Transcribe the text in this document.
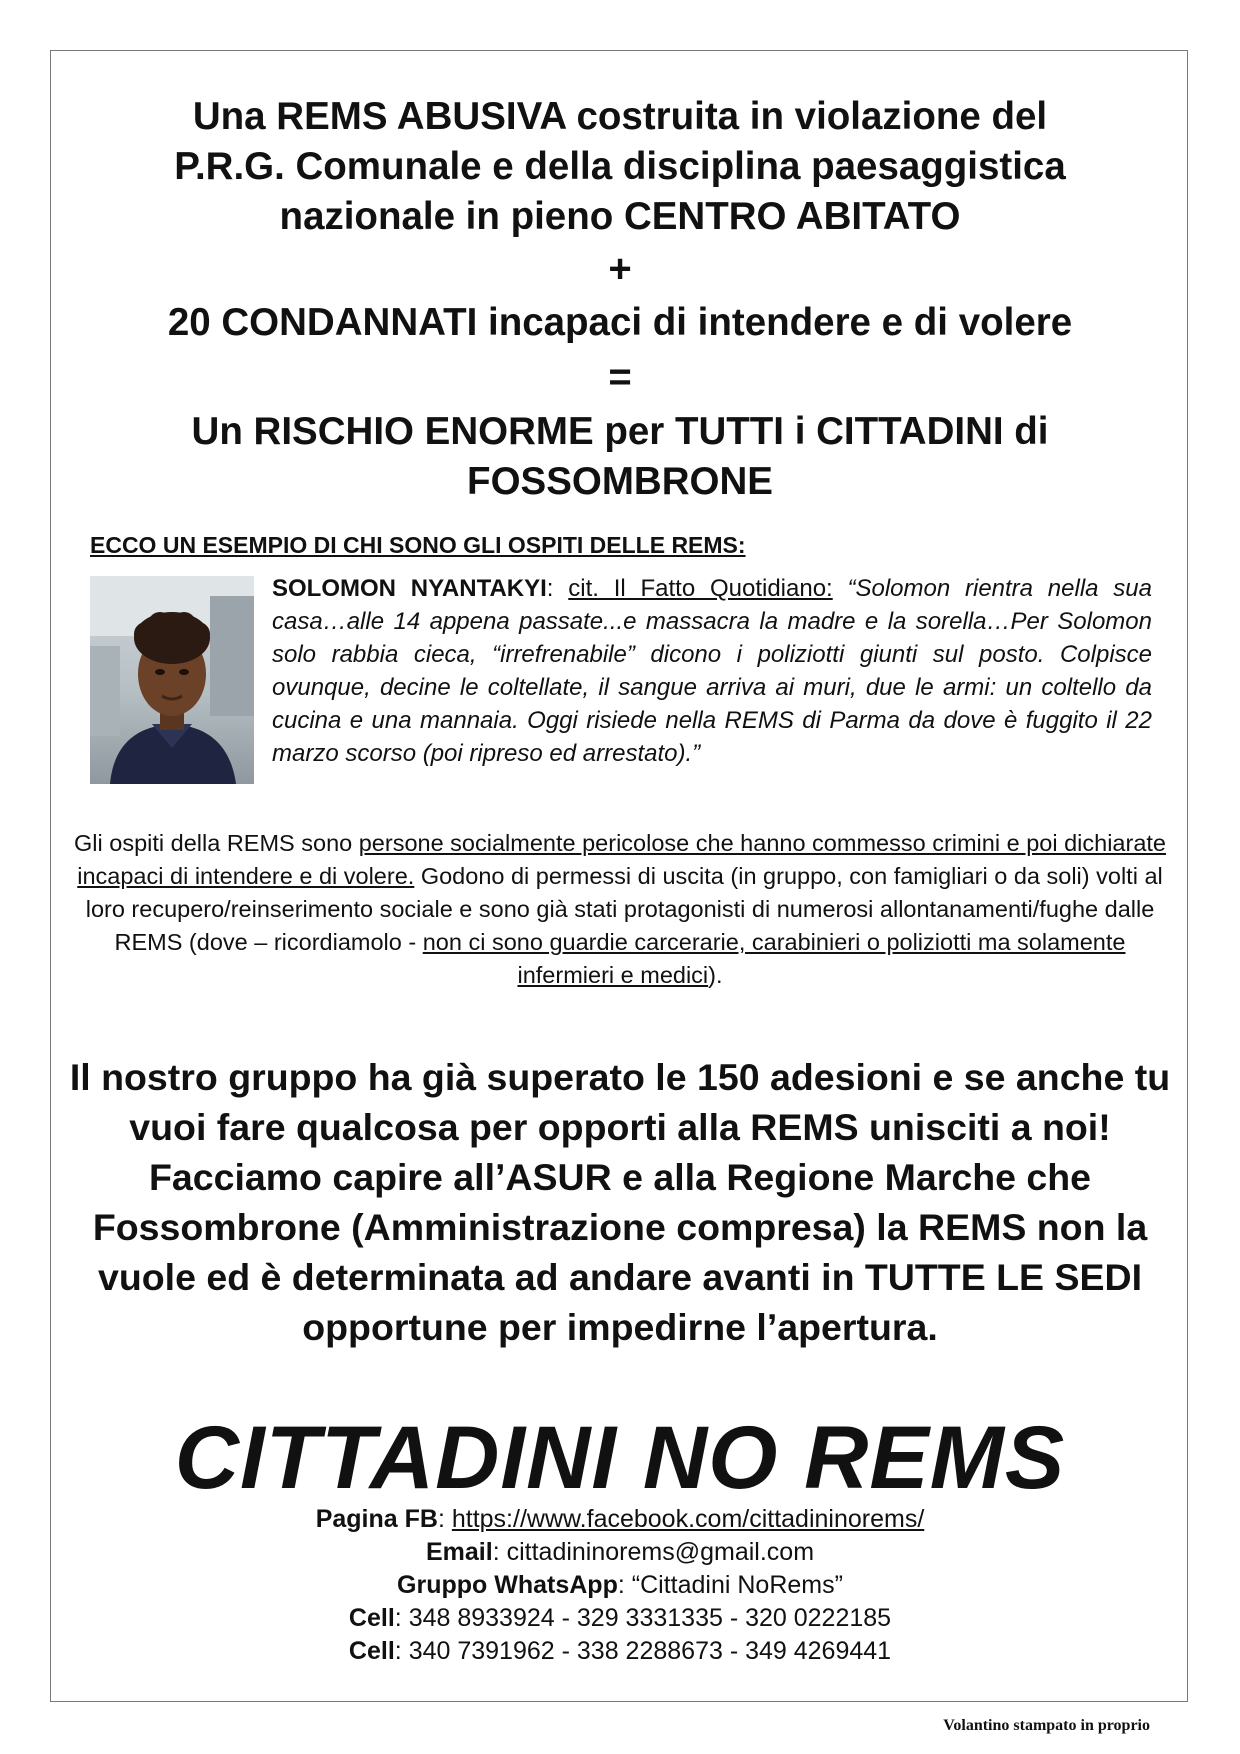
Una REMS ABUSIVA costruita in violazione del
P.R.G. Comunale e della disciplina paesaggistica
nazionale in pieno CENTRO ABITATO
+
20 CONDANNATI incapaci di intendere e di volere
=
Un RISCHIO ENORME per TUTTI i CITTADINI di
FOSSOMBRONE

ECCO UN ESEMPIO DI CHI SONO GLI OSPITI DELLE REMS:

SOLOMON NYANTAKYI: cit. Il Fatto Quotidiano: “Solomon rientra nella sua casa…alle 14 appena passate...e massacra la madre e la sorella…Per Solomon solo rabbia cieca, “irrefrenabile” dicono i poliziotti giunti sul posto. Colpisce ovunque, decine le coltellate, il sangue arriva ai muri, due le armi: un coltello da cucina e una mannaia. Oggi risiede nella REMS di Parma da dove è fuggito il 22 marzo scorso (poi ripreso ed arrestato).”

Gli ospiti della REMS sono persone socialmente pericolose che hanno commesso crimini e poi dichiarate incapaci di intendere e di volere. Godono di permessi di uscita (in gruppo, con famigliari o da soli) volti al loro recupero/reinserimento sociale e sono già stati protagonisti di numerosi allontanamenti/fughe dalle REMS (dove – ricordiamolo - non ci sono guardie carcerarie, carabinieri o poliziotti ma solamente infermieri e medici).

Il nostro gruppo ha già superato le 150 adesioni e se anche tu vuoi fare qualcosa per opporti alla REMS unisciti a noi! Facciamo capire all’ASUR e alla Regione Marche che Fossombrone (Amministrazione compresa) la REMS non la vuole ed è determinata ad andare avanti in TUTTE LE SEDI opportune per impedirne l’apertura.

CITTADINI NO REMS
Pagina FB: https://www.facebook.com/cittadininorems/
Email: cittadininorems@gmail.com
Gruppo WhatsApp: “Cittadini NoRems”
Cell: 348 8933924 - 329 3331335 - 320 0222185
Cell: 340 7391962 - 338 2288673 - 349 4269441
Volantino stampato in proprio
